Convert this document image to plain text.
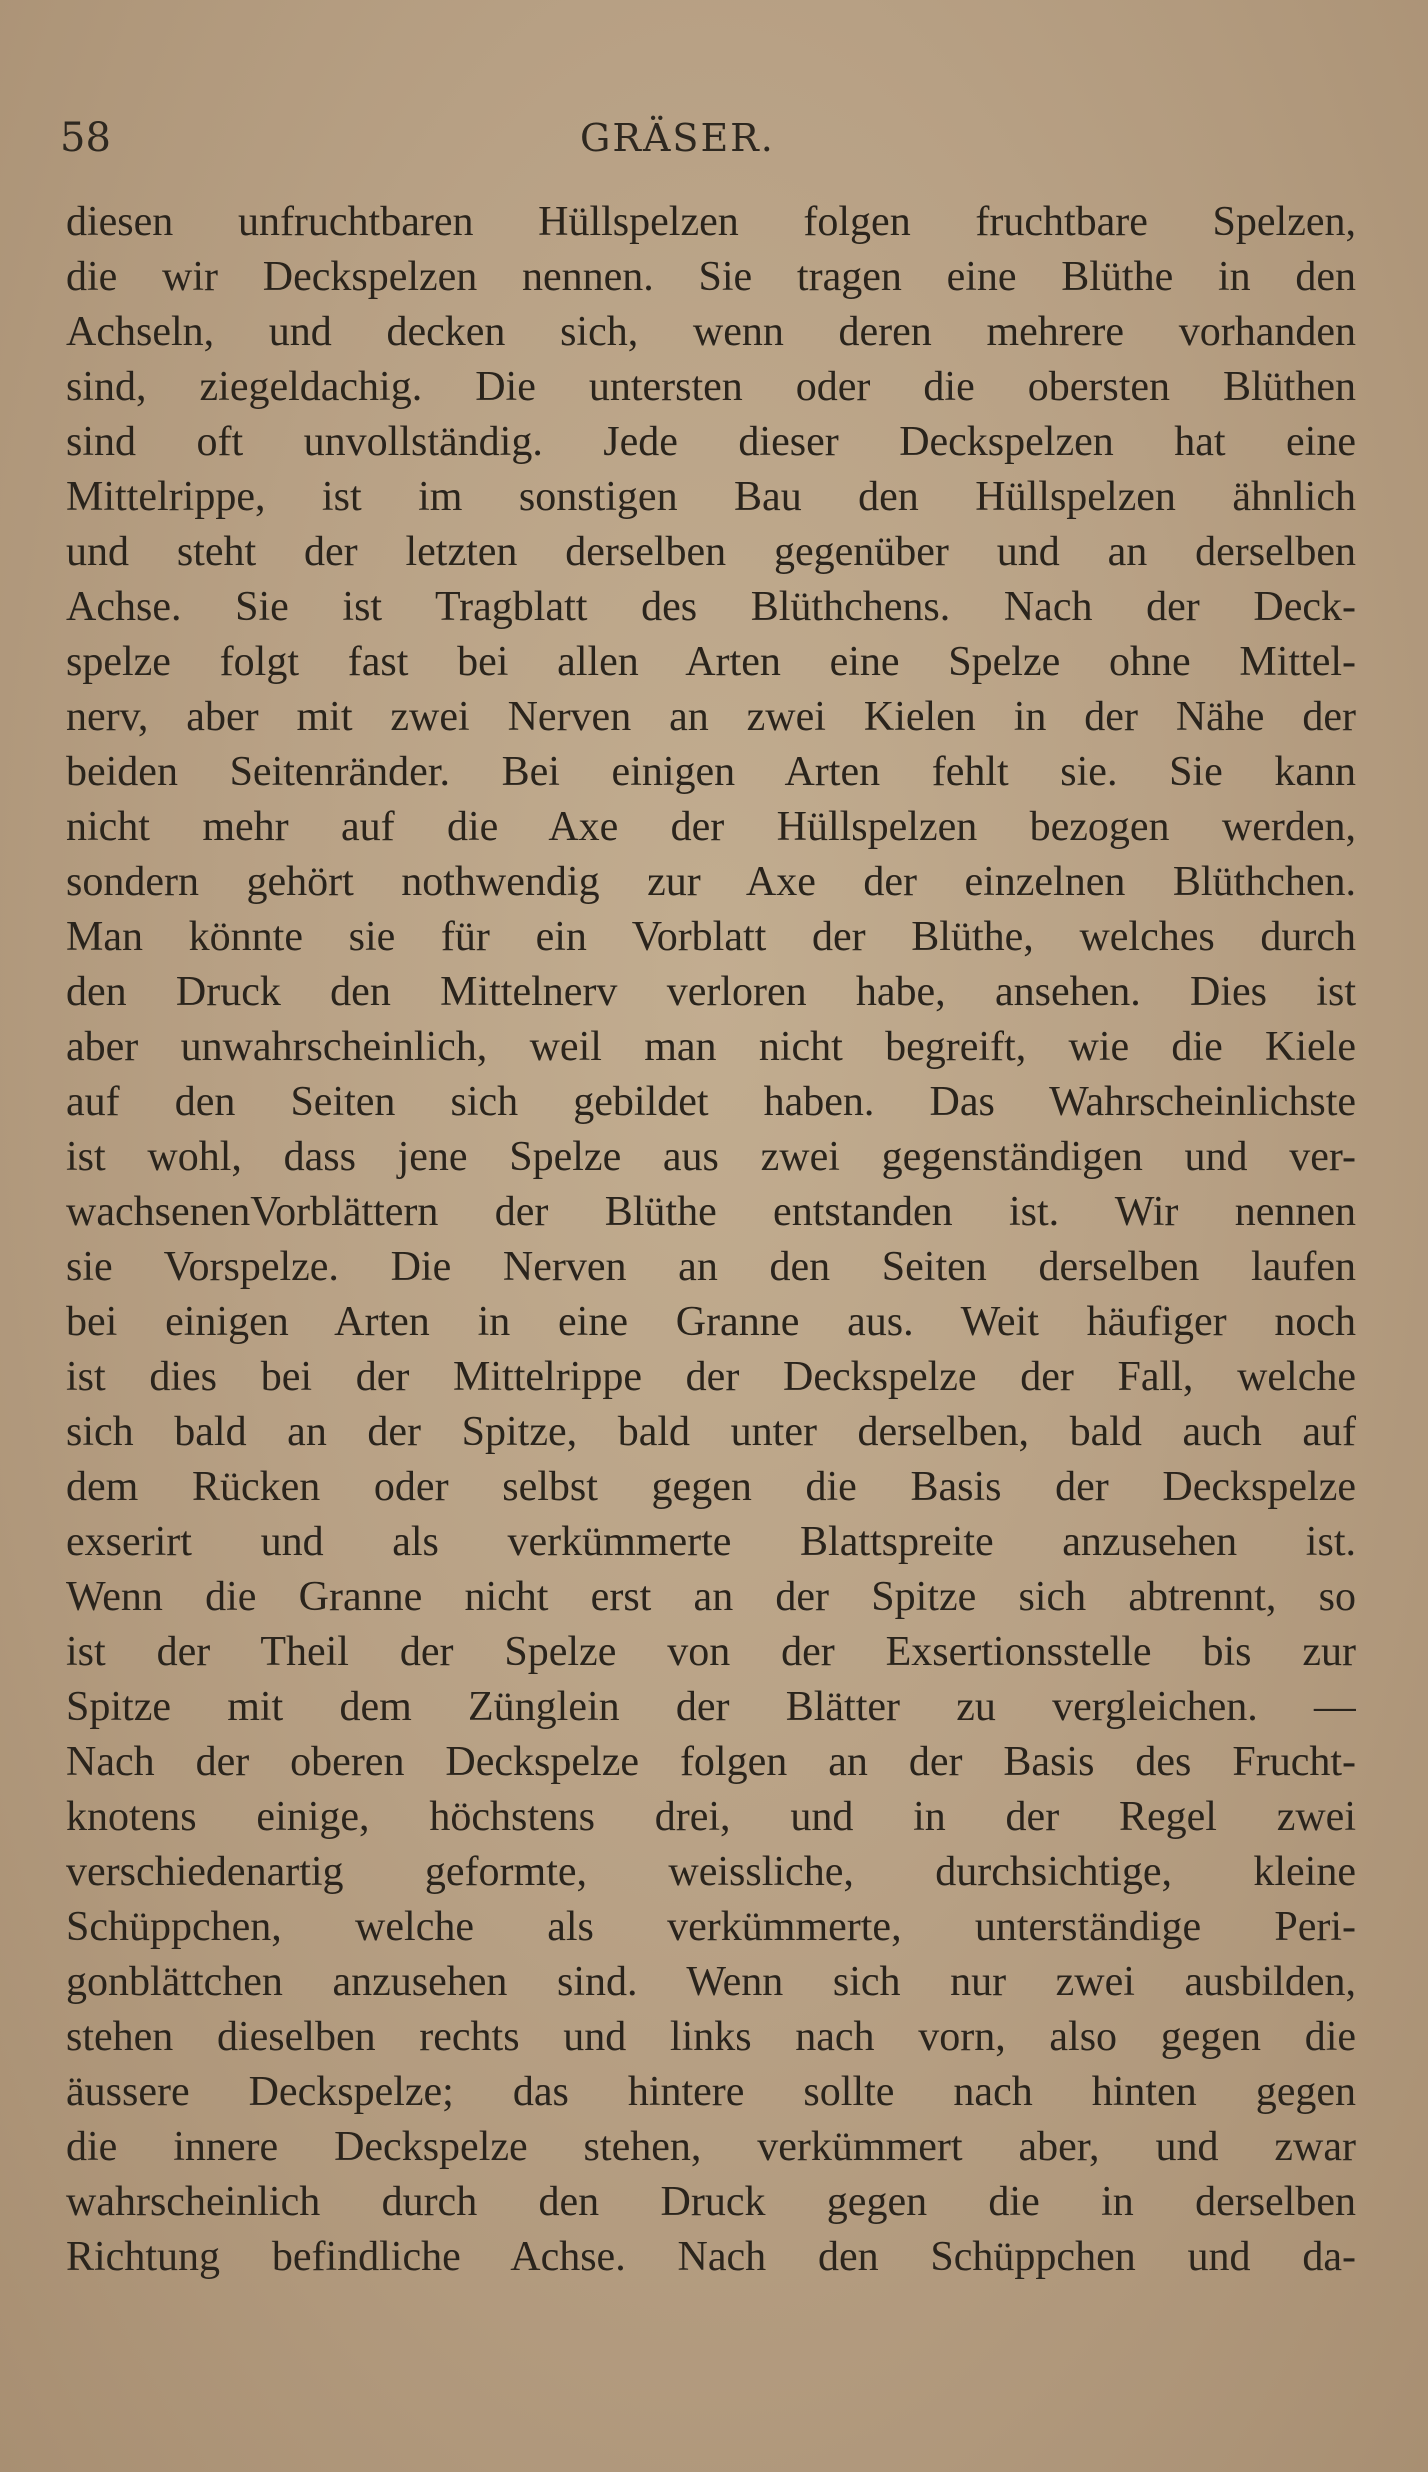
58	GRÄSER.
diesen unfruchtbaren Hüllspelzen folgen fruchtbare Spelzen,
die wir Deckspelzen nennen. Sie tragen eine Blüthe in den
Achseln, und decken sich, wenn deren mehrere vorhanden
sind, ziegeldachig. Die untersten oder die obersten Blüthen
sind oft unvollständig. Jede dieser Deckspelzen hat eine
Mittelrippe, ist im sonstigen Bau den Hüllspelzen ähnlich
und steht der letzten derselben gegenüber und an derselben
Achse. Sie ist Tragblatt des Blüthchens. Nach der Deck-
spelze folgt fast bei allen Arten eine Spelze ohne Mittel-
nerv, aber mit zwei Nerven an zwei Kielen in der Nähe der
beiden Seitenränder. Bei einigen Arten fehlt sie. Sie kann
nicht mehr auf die Axe der Hüllspelzen bezogen werden,
sondern gehört nothwendig zur Axe der einzelnen Blüthchen.
Man könnte sie für ein Vorblatt der Blüthe, welches durch
den Druck den Mittelnerv verloren habe, ansehen. Dies ist
aber unwahrscheinlich, weil man nicht begreift, wie die Kiele
auf den Seiten sich gebildet haben. Das Wahrscheinlichste
ist wohl, dass jene Spelze aus zwei gegenständigen und ver-
wachsenenVorblättern der Blüthe entstanden ist. Wir nennen
sie Vorspelze. Die Nerven an den Seiten derselben laufen
bei einigen Arten in eine Granne aus. Weit häufiger noch
ist dies bei der Mittelrippe der Deckspelze der Fall, welche
sich bald an der Spitze, bald unter derselben, bald auch auf
dem Rücken oder selbst gegen die Basis der Deckspelze
exserirt und als verkümmerte Blattspreite anzusehen ist.
Wenn die Granne nicht erst an der Spitze sich abtrennt, so
ist der Theil der Spelze von der Exsertionsstelle bis zur
Spitze mit dem Zünglein der Blätter zu vergleichen. —
Nach der oberen Deckspelze folgen an der Basis des Frucht-
knotens einige, höchstens drei, und in der Regel zwei
verschiedenartig geformte, weissliche, durchsichtige, kleine
Schüppchen, welche als verkümmerte, unterständige Peri-
gonblättchen anzusehen sind. Wenn sich nur zwei ausbilden,
stehen dieselben rechts und links nach vorn, also gegen die
äussere Deckspelze; das hintere sollte nach hinten gegen
die innere Deckspelze stehen, verkümmert aber, und zwar
wahrscheinlich durch den Druck gegen die in derselben
Richtung befindliche Achse. Nach den Schüppchen und da-
